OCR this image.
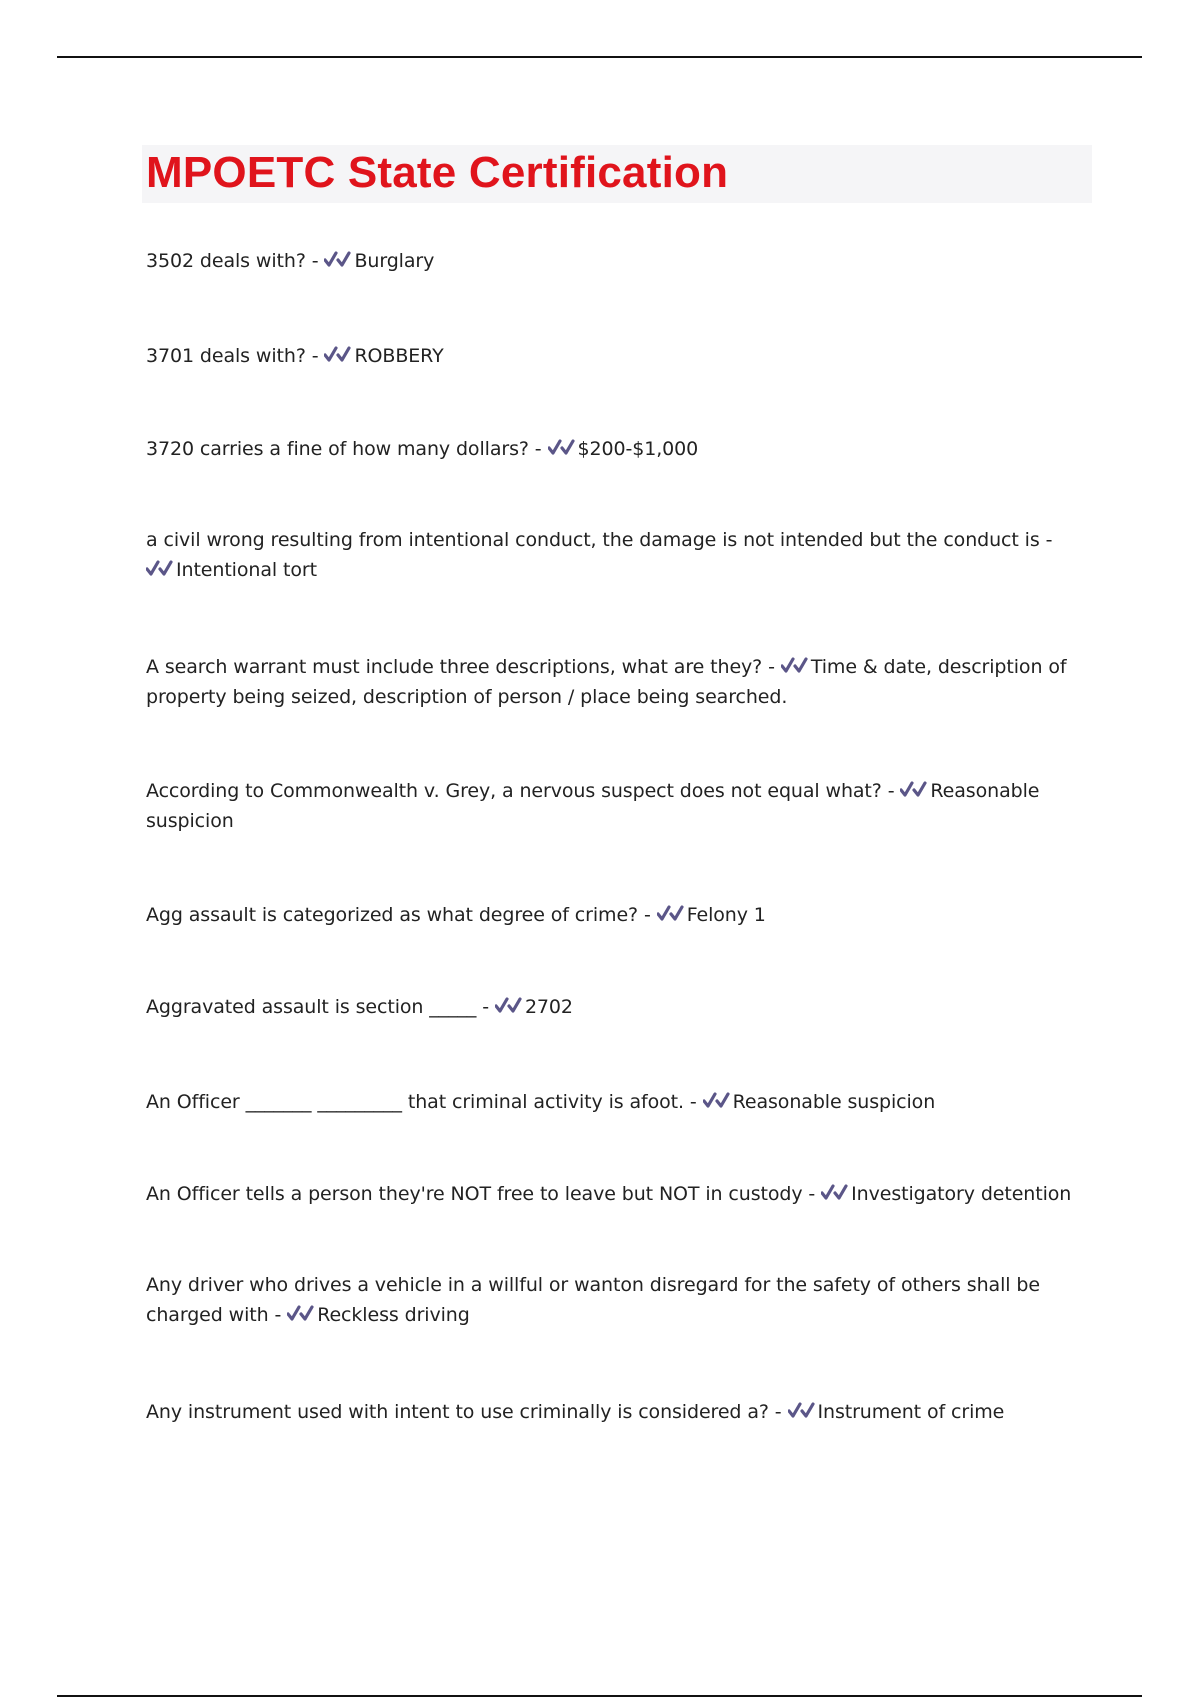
MPOETC State Certification
3502 deals with? - Burglary
3701 deals with? - ROBBERY
3720 carries a fine of how many dollars? - $200-$1,000
a civil wrong resulting from intentional conduct, the damage is not intended but the conduct is -
Intentional tort
A search warrant must include three descriptions, what are they? - Time & date, description of property being seized, description of person / place being searched.
According to Commonwealth v. Grey, a nervous suspect does not equal what? - Reasonable suspicion
Agg assault is categorized as what degree of crime? - Felony 1
Aggravated assault is section _____ - 2702
An Officer _______ _________ that criminal activity is afoot. - Reasonable suspicion
An Officer tells a person they're NOT free to leave but NOT in custody - Investigatory detention
Any driver who drives a vehicle in a willful or wanton disregard for the safety of others shall be charged with - Reckless driving
Any instrument used with intent to use criminally is considered a? - Instrument of crime
